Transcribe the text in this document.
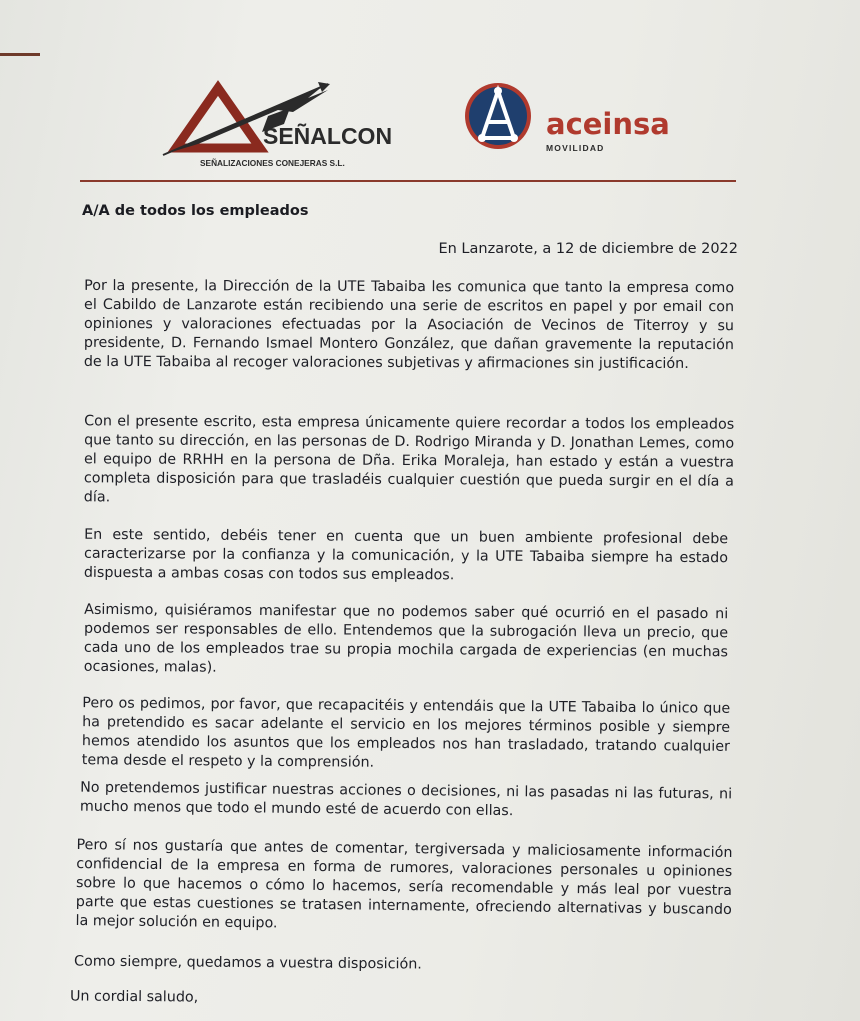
SEÑALCON
SEÑALIZACIONES CONEJERAS S.L.
aceinsa
MOVILIDAD
A/A de todos los empleados
En Lanzarote, a 12 de diciembre de 2022

Por la presente, la Dirección de la UTE Tabaiba les comunica que tanto la empresa como el Cabildo de Lanzarote están recibiendo una serie de escritos en papel y por email con opiniones y valoraciones efectuadas por la Asociación de Vecinos de Titerroy y su presidente, D. Fernando Ismael Montero González, que dañan gravemente la reputación de la UTE Tabaiba al recoger valoraciones subjetivas y afirmaciones sin justificación.

Con el presente escrito, esta empresa únicamente quiere recordar a todos los empleados que tanto su dirección, en las personas de D. Rodrigo Miranda y D. Jonathan Lemes, como el equipo de RRHH en la persona de Dña. Erika Moraleja, han estado y están a vuestra completa disposición para que trasladéis cualquier cuestión que pueda surgir en el día a día.

En este sentido, debéis tener en cuenta que un buen ambiente profesional debe caracterizarse por la confianza y la comunicación, y la UTE Tabaiba siempre ha estado dispuesta a ambas cosas con todos sus empleados.

Asimismo, quisiéramos manifestar que no podemos saber qué ocurrió en el pasado ni podemos ser responsables de ello. Entendemos que la subrogación lleva un precio, que cada uno de los empleados trae su propia mochila cargada de experiencias (en muchas ocasiones, malas).

Pero os pedimos, por favor, que recapacitéis y entendáis que la UTE Tabaiba lo único que ha pretendido es sacar adelante el servicio en los mejores términos posible y siempre hemos atendido los asuntos que los empleados nos han trasladado, tratando cualquier tema desde el respeto y la comprensión.

No pretendemos justificar nuestras acciones o decisiones, ni las pasadas ni las futuras, ni mucho menos que todo el mundo esté de acuerdo con ellas.

Pero sí nos gustaría que antes de comentar, tergiversada y maliciosamente información confidencial de la empresa en forma de rumores, valoraciones personales u opiniones sobre lo que hacemos o cómo lo hacemos, sería recomendable y más leal por vuestra parte que estas cuestiones se tratasen internamente, ofreciendo alternativas y buscando la mejor solución en equipo.

Como siempre, quedamos a vuestra disposición.

Un cordial saludo,
